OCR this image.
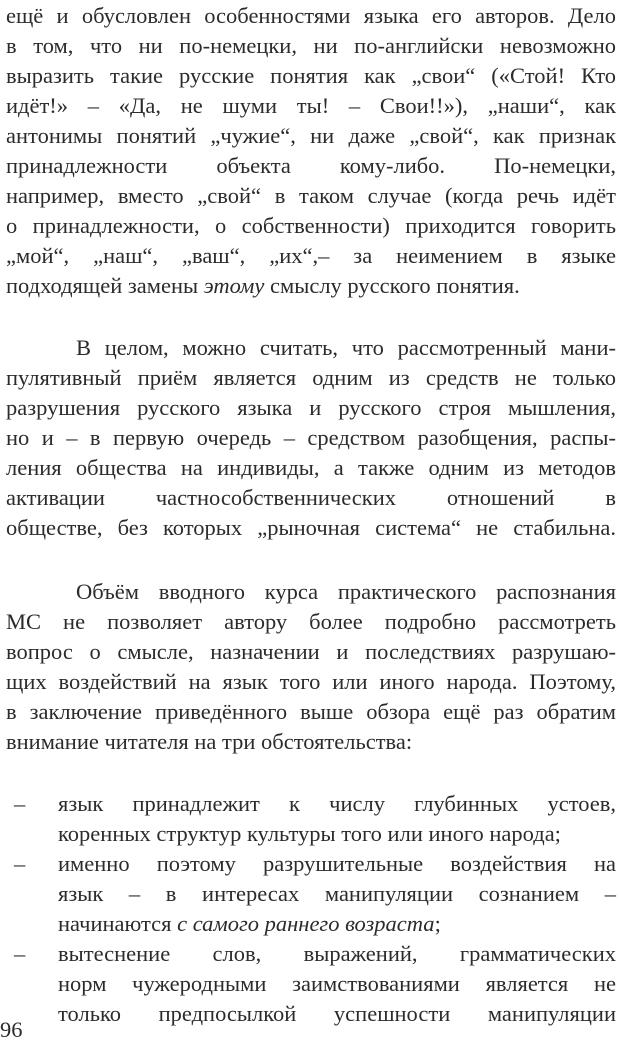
ещё и обусловлен особенностями языка его авторов. Дело
в том, что ни по-немецки, ни по-английски невозможно
выразить такие русские понятия как „свои“ («Стой! Кто
идёт!» – «Да, не шуми ты! – Свои!!»), „наши“, как
антонимы понятий „чужие“, ни даже „свой“, как признак
принадлежности объекта кому-либо. По-немецки,
например, вместо „свой“ в таком случае (когда речь идёт
о принадлежности, о собственности) приходится говорить
„мой“, „наш“, „ваш“, „их“,– за неимением в языке
подходящей замены этому смыслу русского понятия.
В целом, можно считать, что рассмотренный мани-
пулятивный приём является одним из средств не только
разрушения русского языка и русского строя мышления,
но и – в первую очередь – средством разобщения, распы-
ления общества на индивиды, а также одним из методов
активации частнособственнических отношений в
обществе, без которых „рыночная система“ не стабильна.
Объём вводного курса практического распознания
МС не позволяет автору более подробно рассмотреть
вопрос о смысле, назначении и последствиях разрушаю-
щих воздействий на язык того или иного народа. Поэтому,
в заключение приведённого выше обзора ещё раз обратим
внимание читателя на три обстоятельства:
– язык принадлежит к числу глубинных устоев,
коренных структур культуры того или иного народа;
– именно поэтому разрушительные воздействия на
язык – в интересах манипуляции сознанием –
начинаются с самого раннего возраста;
– вытеснение слов, выражений, грамматических
норм чужеродными заимствованиями является не
только предпосылкой успешности манипуляции
96
